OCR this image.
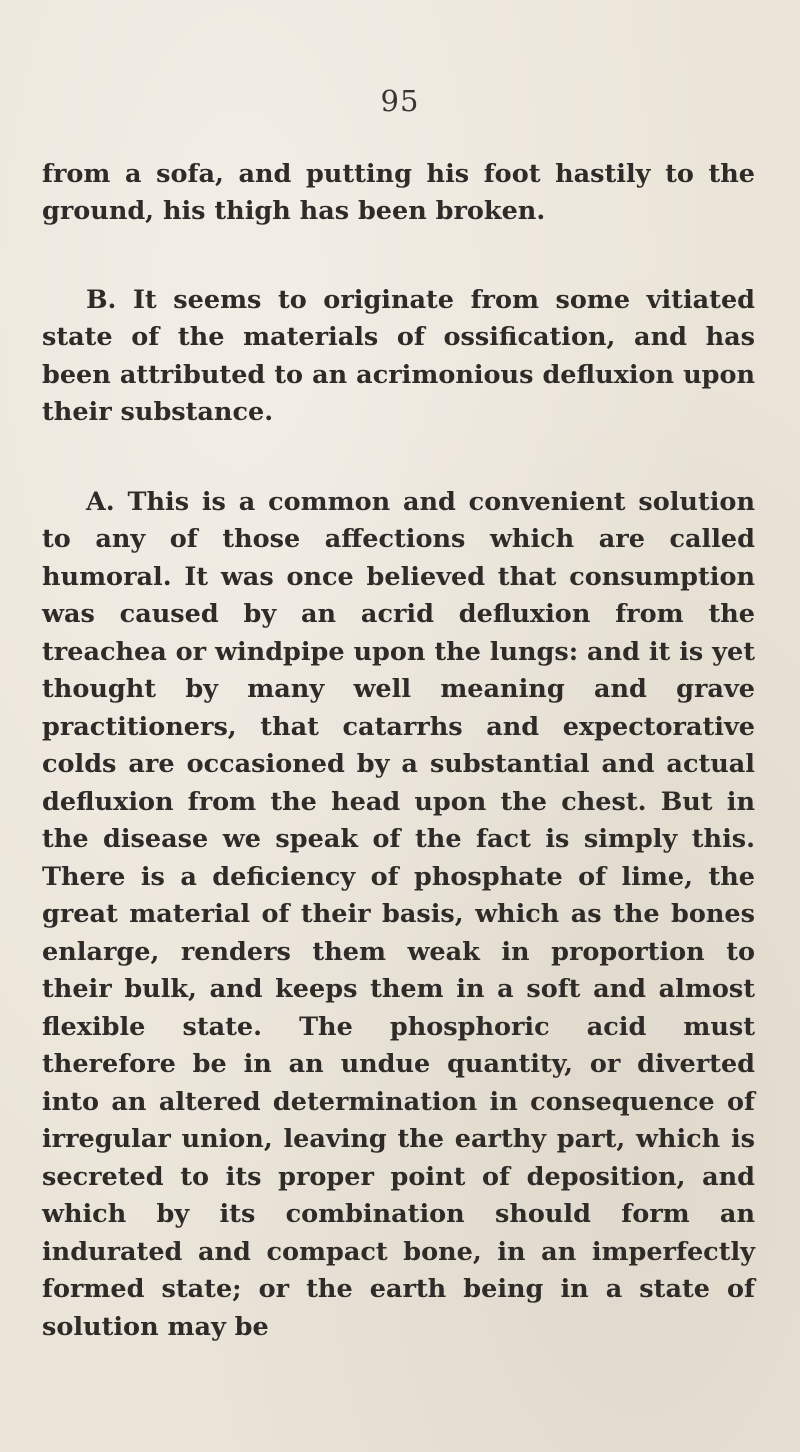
95

from a sofa, and putting his foot hastily to the ground, his thigh has been broken.

B. It seems to originate from some vitiated state of the materials of ossification, and has been attributed to an acrimonious defluxion upon their substance.

A. This is a common and convenient solution to any of those affections which are called humoral. It was once believed that consumption was caused by an acrid defluxion from the treachea or windpipe upon the lungs: and it is yet thought by many well meaning and grave practitioners, that catarrhs and expectorative colds are occasioned by a substantial and actual defluxion from the head upon the chest. But in the disease we speak of the fact is simply this. There is a deficiency of phosphate of lime, the great material of their basis, which as the bones enlarge, renders them weak in proportion to their bulk, and keeps them in a soft and almost flexible state. The phosphoric acid must therefore be in an undue quantity, or diverted into an altered determination in consequence of irregular union, leaving the earthy part, which is secreted to its proper point of deposition, and which by its combination should form an indurated and compact bone, in an imperfectly formed state; or the earth being in a state of solution may be
